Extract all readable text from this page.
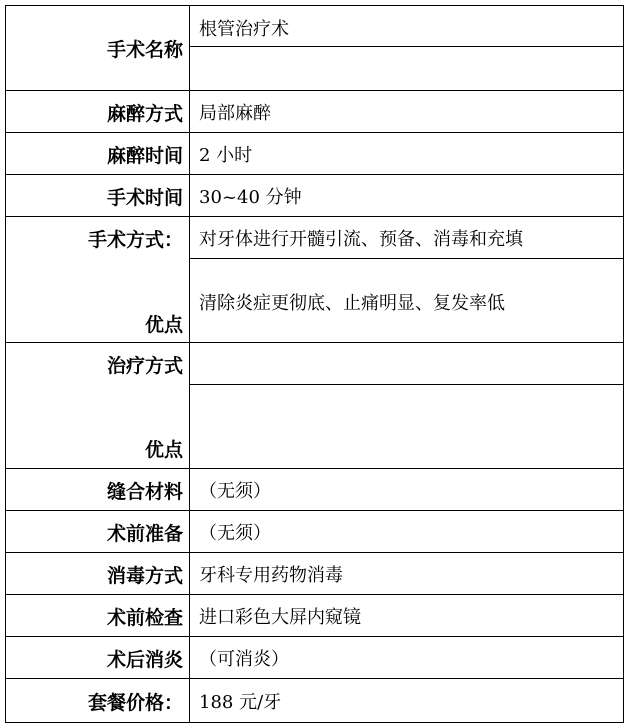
手术名称
根管治疗术
麻醉方式 局部麻醉
麻醉时间 2 小时
手术时间 30~40 分钟
手术方式： 对牙体进行开髓引流、预备、消毒和充填
优点
清除炎症更彻底、止痛明显、复发率低
治疗方式
优点
缝合材料 （无须）
术前准备 （无须）
消毒方式 牙科专用药物消毒
术前检查 进口彩色大屏内窥镜
术后消炎 （可消炎）
套餐价格： 188 元/牙
